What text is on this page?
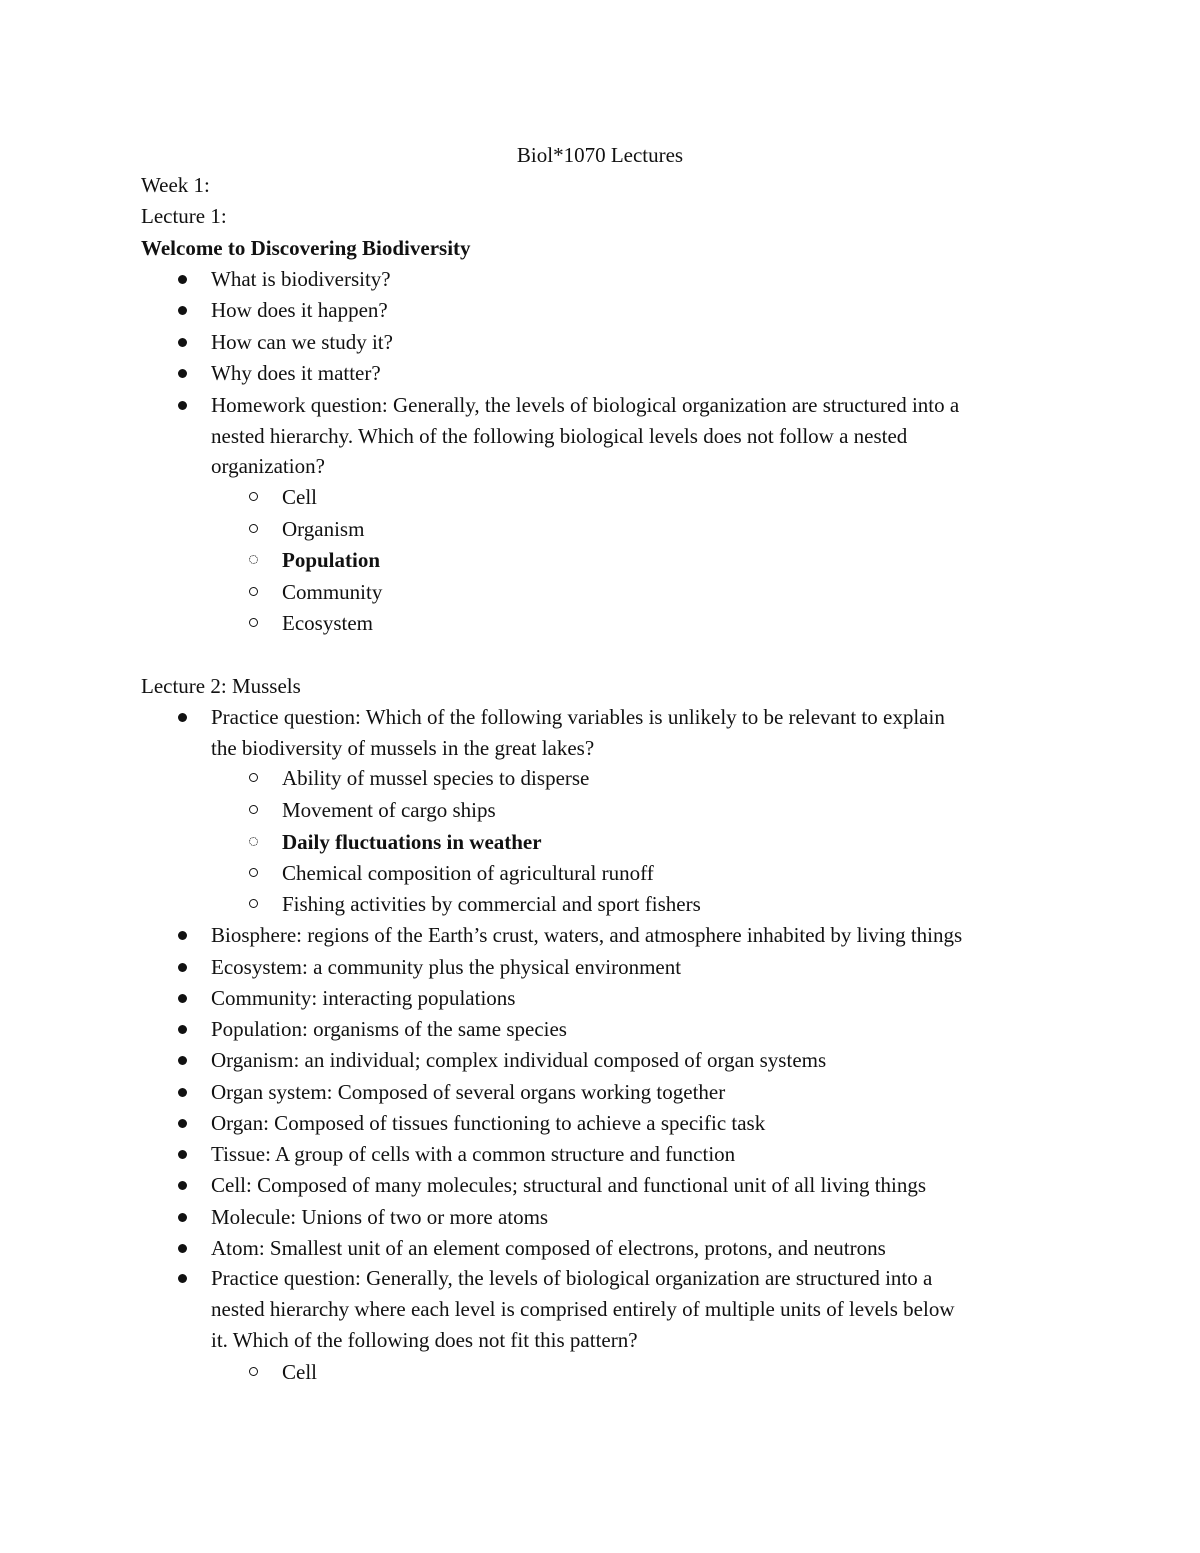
Biol*1070 Lectures
Week 1:
Lecture 1:
Welcome to Discovering Biodiversity
What is biodiversity?
How does it happen?
How can we study it?
Why does it matter?
Homework question: Generally, the levels of biological organization are structured into a
nested hierarchy. Which of the following biological levels does not follow a nested
organization?
Cell
Organism
Population
Community
Ecosystem
Lecture 2: Mussels
Practice question: Which of the following variables is unlikely to be relevant to explain
the biodiversity of mussels in the great lakes?
Ability of mussel species to disperse
Movement of cargo ships
Daily fluctuations in weather
Chemical composition of agricultural runoff
Fishing activities by commercial and sport fishers
Biosphere: regions of the Earth’s crust, waters, and atmosphere inhabited by living things
Ecosystem: a community plus the physical environment
Community: interacting populations
Population: organisms of the same species
Organism: an individual; complex individual composed of organ systems
Organ system: Composed of several organs working together
Organ: Composed of tissues functioning to achieve a specific task
Tissue: A group of cells with a common structure and function
Cell: Composed of many molecules; structural and functional unit of all living things
Molecule: Unions of two or more atoms
Atom: Smallest unit of an element composed of electrons, protons, and neutrons
Practice question: Generally, the levels of biological organization are structured into a
nested hierarchy where each level is comprised entirely of multiple units of levels below
it. Which of the following does not fit this pattern?
Cell
